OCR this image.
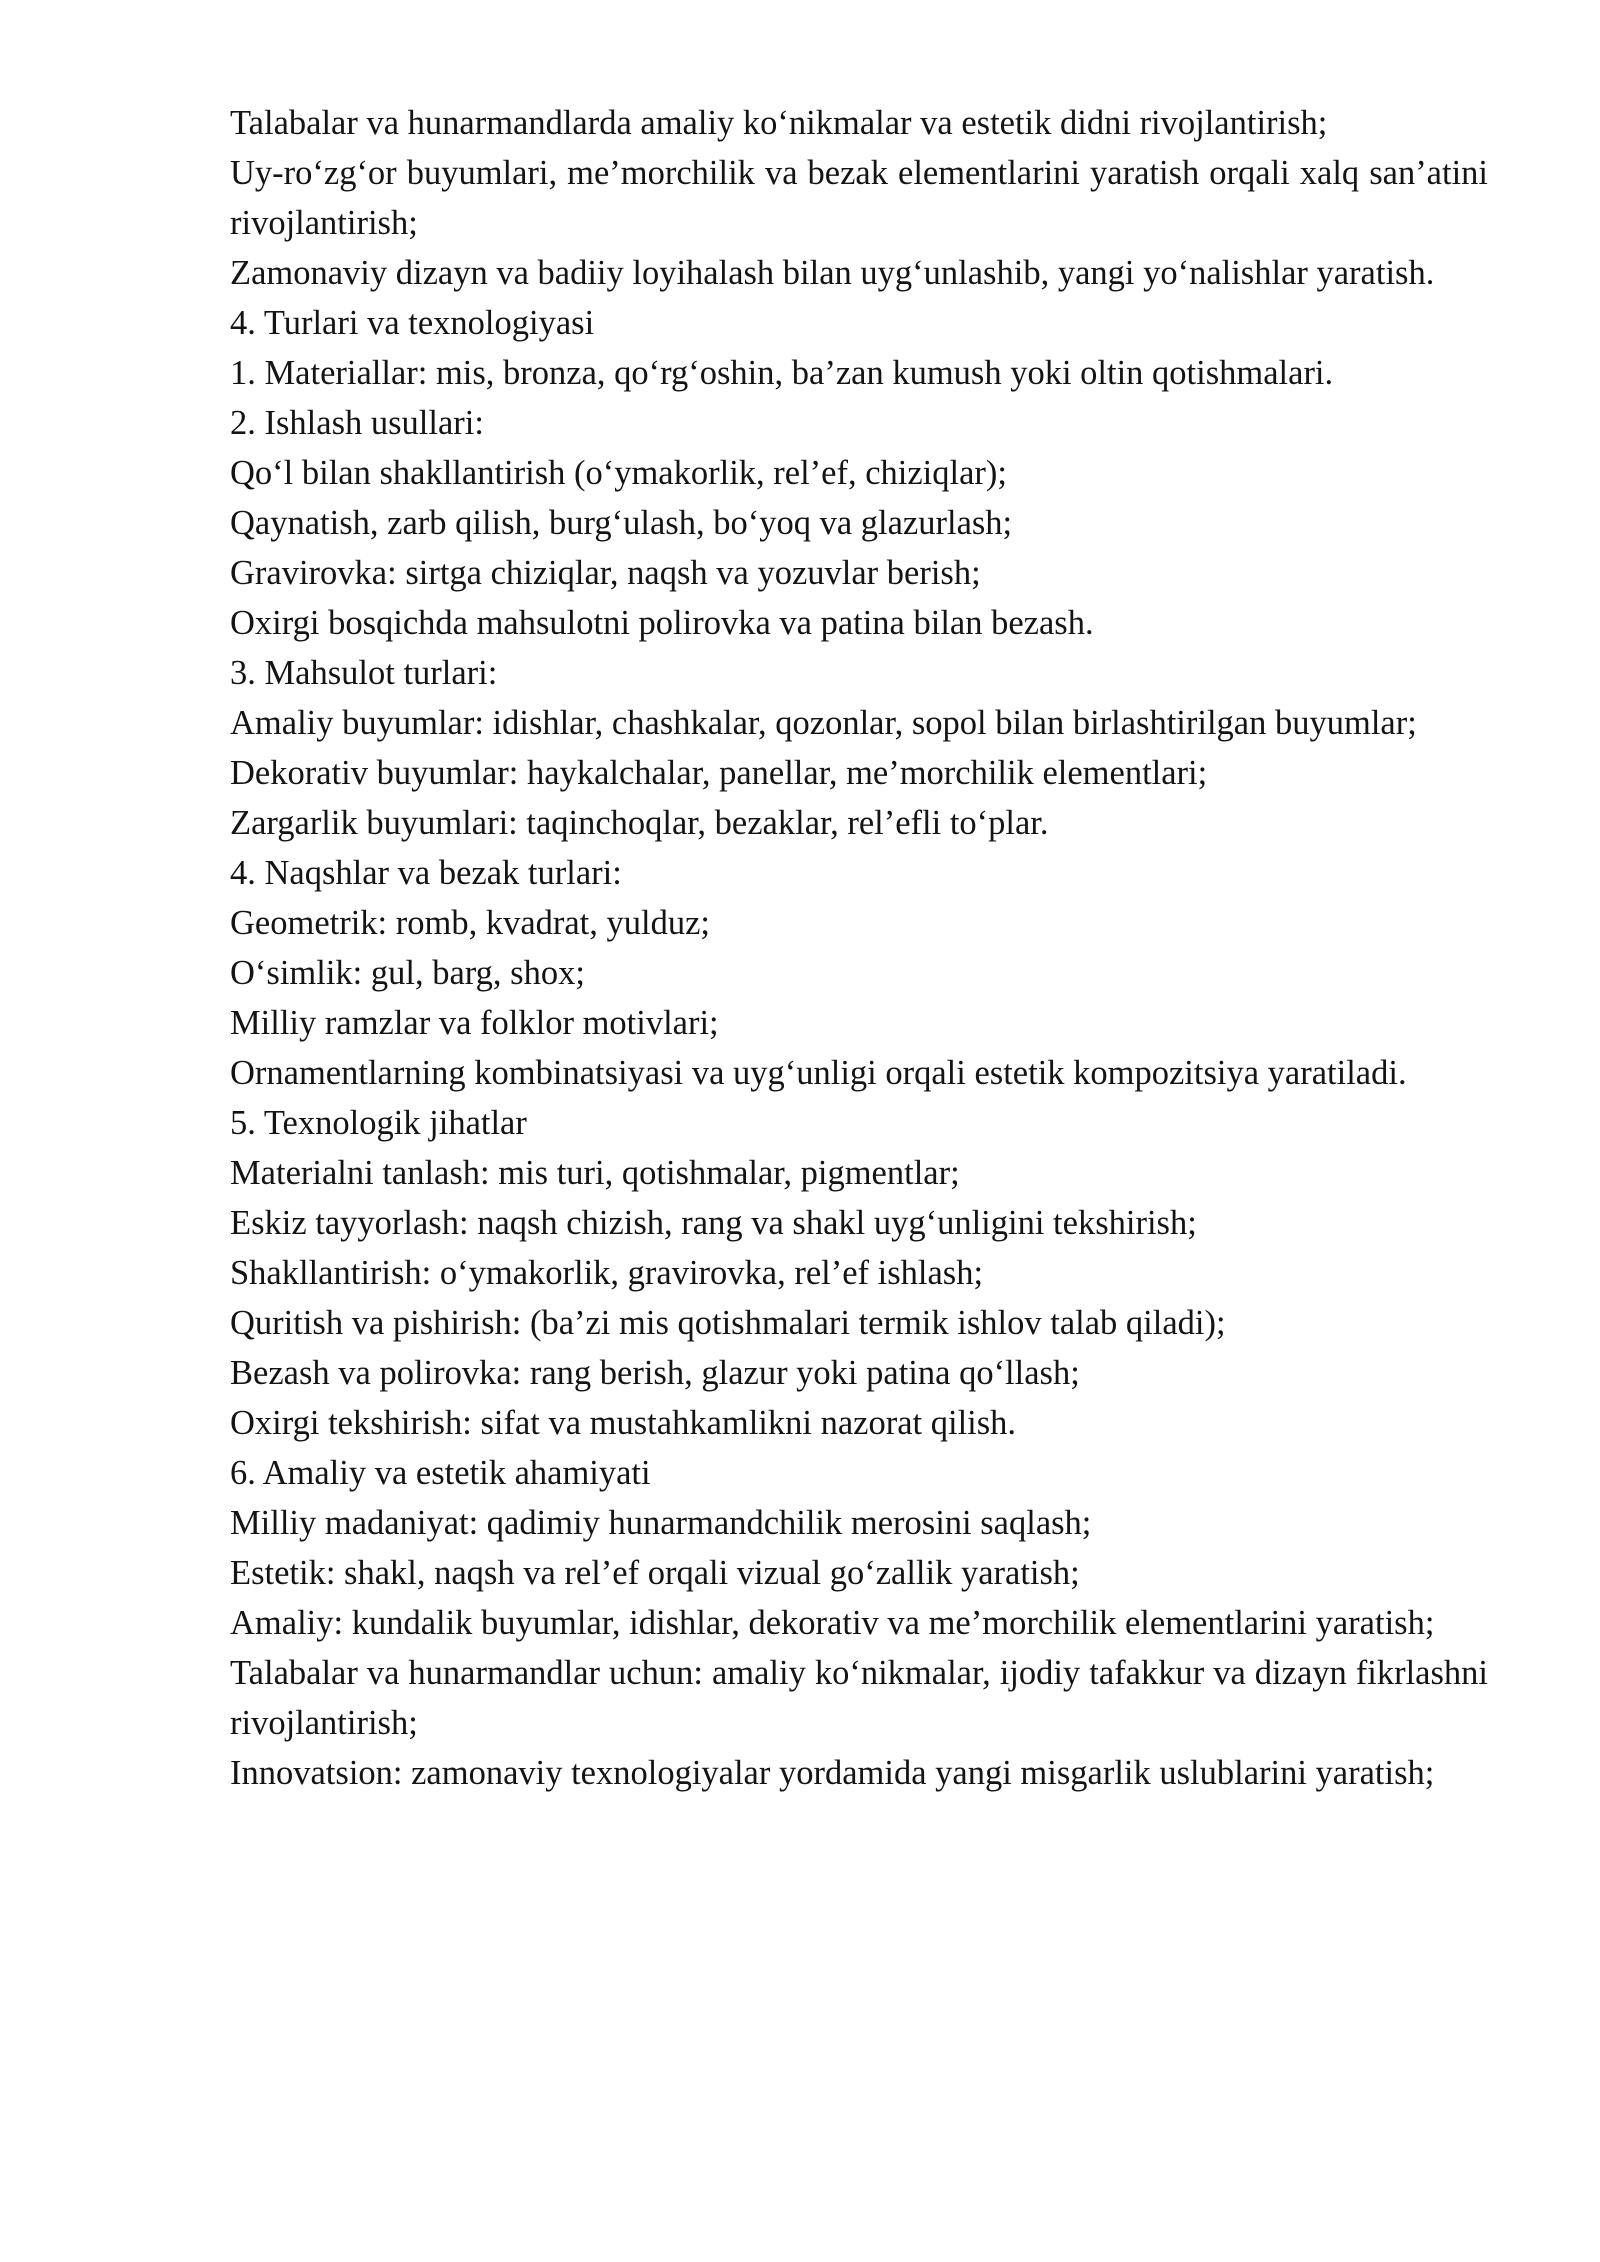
Talabalar va hunarmandlarda amaliy ko‘nikmalar va estetik didni rivojlantirish;

Uy-ro‘zg‘or buyumlari, me’morchilik va bezak elementlarini yaratish orqali xalq san’atini rivojlantirish;

Zamonaviy dizayn va badiiy loyihalash bilan uyg‘unlashib, yangi yo‘nalishlar yaratish.

4. Turlari va texnologiyasi

1. Materiallar: mis, bronza, qo‘rg‘oshin, ba’zan kumush yoki oltin qotishmalari.

2. Ishlash usullari:

Qo‘l bilan shakllantirish (o‘ymakorlik, rel’ef, chiziqlar);

Qaynatish, zarb qilish, burg‘ulash, bo‘yoq va glazurlash;

Gravirovka: sirtga chiziqlar, naqsh va yozuvlar berish;

Oxirgi bosqichda mahsulotni polirovka va patina bilan bezash.

3. Mahsulot turlari:

Amaliy buyumlar: idishlar, chashkalar, qozonlar, sopol bilan birlashtirilgan buyumlar;

Dekorativ buyumlar: haykalchalar, panellar, me’morchilik elementlari;

Zargarlik buyumlari: taqinchoqlar, bezaklar, rel’efli to‘plar.

4. Naqshlar va bezak turlari:

Geometrik: romb, kvadrat, yulduz;

O‘simlik: gul, barg, shox;

Milliy ramzlar va folklor motivlari;

Ornamentlarning kombinatsiyasi va uyg‘unligi orqali estetik kompozitsiya yaratiladi.

5. Texnologik jihatlar

Materialni tanlash: mis turi, qotishmalar, pigmentlar;

Eskiz tayyorlash: naqsh chizish, rang va shakl uyg‘unligini tekshirish;

Shakllantirish: o‘ymakorlik, gravirovka, rel’ef ishlash;

Quritish va pishirish: (ba’zi mis qotishmalari termik ishlov talab qiladi);

Bezash va polirovka: rang berish, glazur yoki patina qo‘llash;

Oxirgi tekshirish: sifat va mustahkamlikni nazorat qilish.

6. Amaliy va estetik ahamiyati

Milliy madaniyat: qadimiy hunarmandchilik merosini saqlash;

Estetik: shakl, naqsh va rel’ef orqali vizual go‘zallik yaratish;

Amaliy: kundalik buyumlar, idishlar, dekorativ va me’morchilik elementlarini yaratish;

Talabalar va hunarmandlar uchun: amaliy ko‘nikmalar, ijodiy tafakkur va dizayn fikrlashni rivojlantirish;

Innovatsion: zamonaviy texnologiyalar yordamida yangi misgarlik uslublarini yaratish;
